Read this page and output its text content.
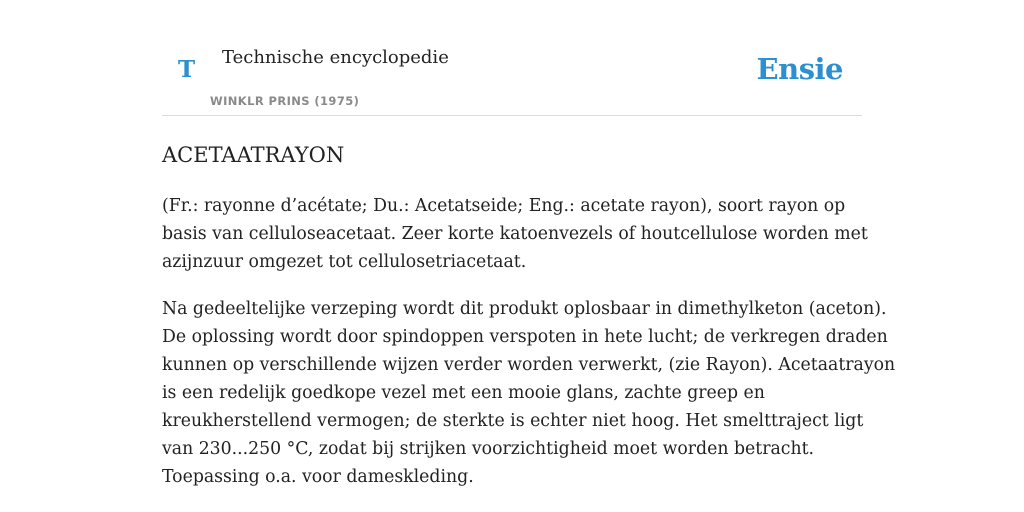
T Technische encyclopedie
WINKLR PRINS (1975)
Ensie
ACETAATRAYON

(Fr.: rayonne d’acétate; Du.: Acetatseide; Eng.: acetate rayon), soort rayon op
basis van celluloseacetaat. Zeer korte katoenvezels of houtcellulose worden met
azijnzuur omgezet tot cellulosetriacetaat.

Na gedeeltelijke verzeping wordt dit produkt oplosbaar in dimethylketon (aceton).
De oplossing wordt door spindoppen verspoten in hete lucht; de verkregen draden
kunnen op verschillende wijzen verder worden verwerkt, (zie Rayon). Acetaatrayon
is een redelijk goedkope vezel met een mooie glans, zachte greep en
kreukherstellend vermogen; de sterkte is echter niet hoog. Het smelttraject ligt
van 230...250 °C, zodat bij strijken voorzichtigheid moet worden betracht.
Toepassing o.a. voor dameskleding.
